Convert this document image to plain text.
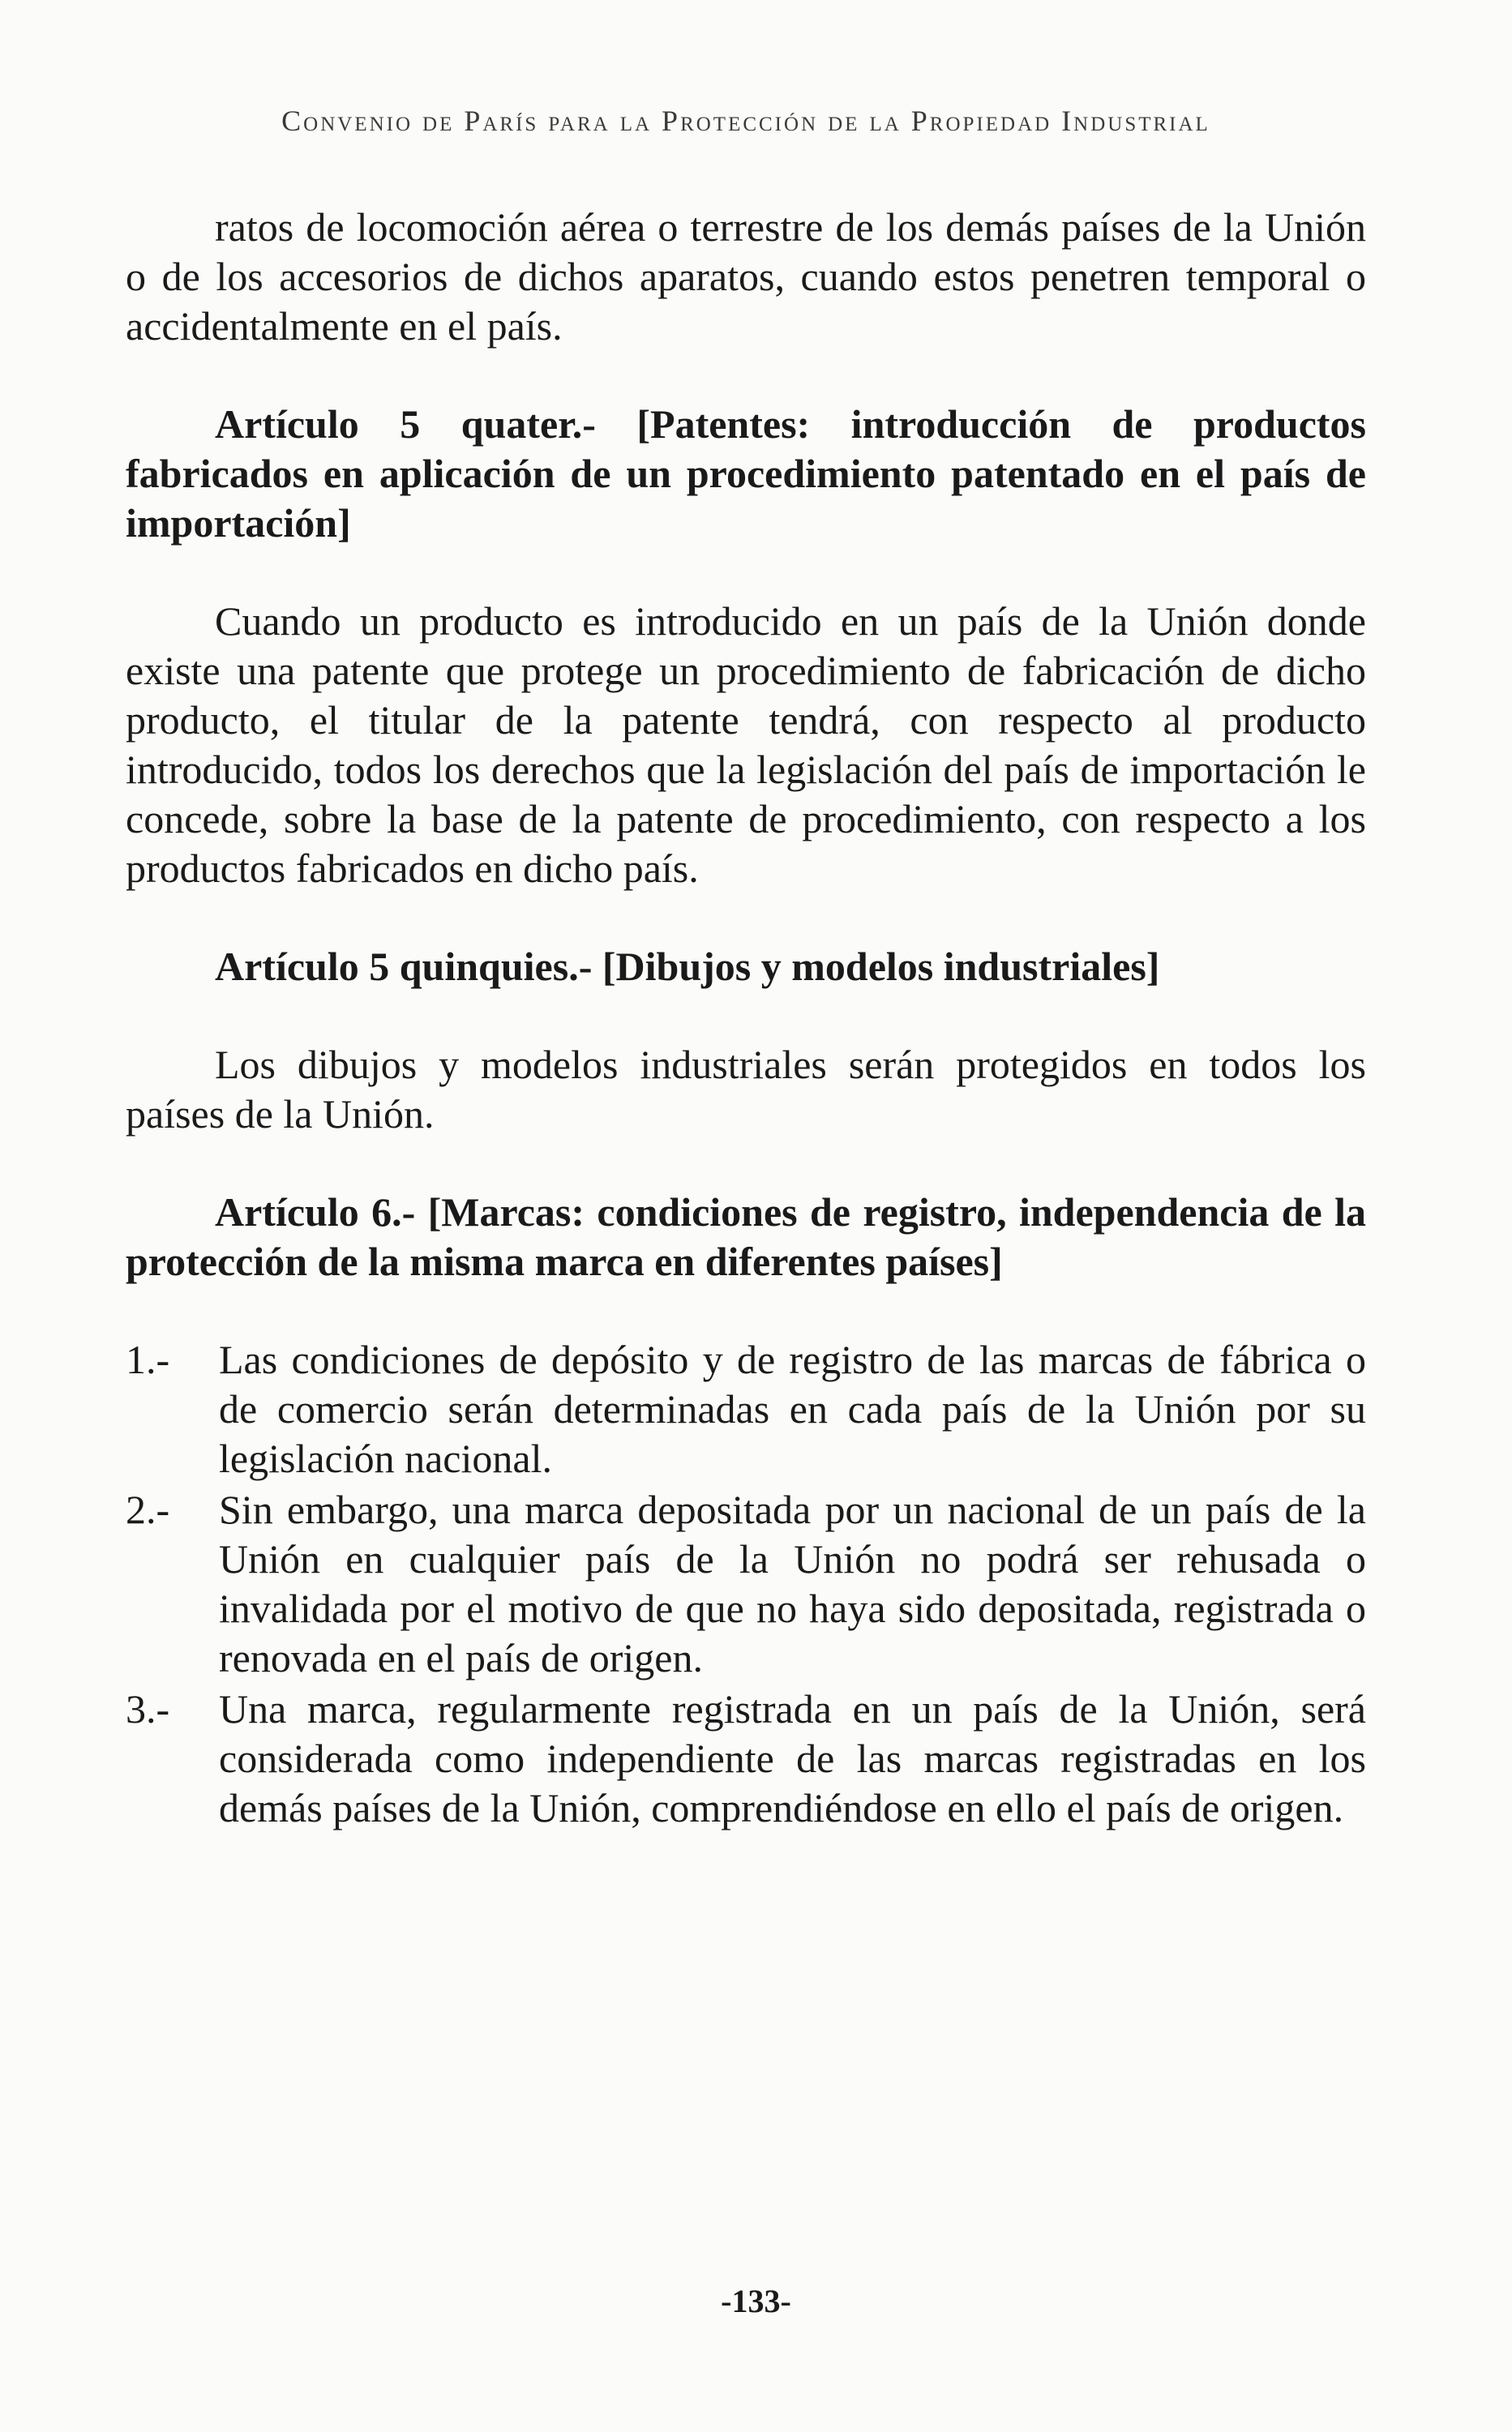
Convenio de París para la Protección de la Propiedad Industrial

ratos de locomoción aérea o terrestre de los demás países de la Unión o de los accesorios de dichos aparatos, cuando estos penetren temporal o accidentalmente en el país.

Artículo 5 quater.- [Patentes: introducción de productos fabricados en aplicación de un procedimiento patentado en el país de importación]

Cuando un producto es introducido en un país de la Unión donde existe una patente que protege un procedimiento de fabricación de dicho producto, el titular de la patente tendrá, con respecto al producto introducido, todos los derechos que la legislación del país de importación le concede, sobre la base de la patente de procedimiento, con respecto a los productos fabricados en dicho país.

Artículo 5 quinquies.- [Dibujos y modelos industriales]

Los dibujos y modelos industriales serán protegidos en todos los países de la Unión.

Artículo 6.- [Marcas: condiciones de registro, independencia de la protección de la misma marca en diferentes países]

1.-	Las condiciones de depósito y de registro de las marcas de fábrica o de comercio serán determinadas en cada país de la Unión por su legislación nacional.
2.-	Sin embargo, una marca depositada por un nacional de un país de la Unión en cualquier país de la Unión no podrá ser rehusada o invalidada por el motivo de que no haya sido depositada, registrada o renovada en el país de origen.
3.-	Una marca, regularmente registrada en un país de la Unión, será considerada como independiente de las marcas registradas en los demás países de la Unión, comprendiéndose en ello el país de origen.
-133-
